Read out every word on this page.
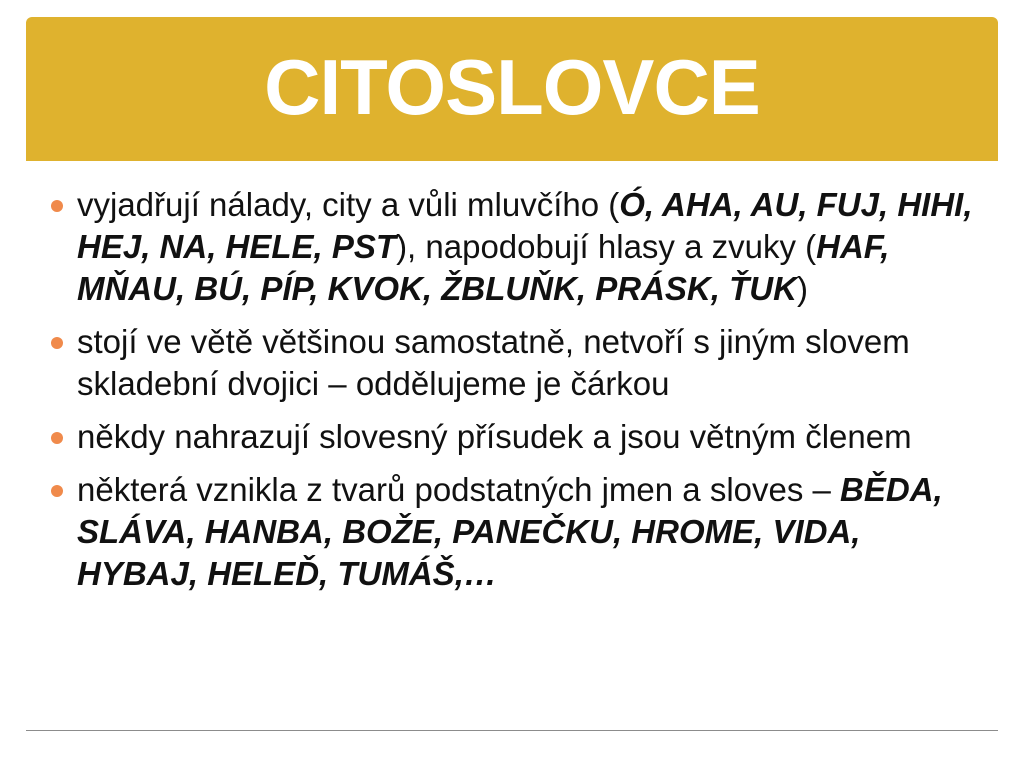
CITOSLOVCE
vyjadřují nálady, city a vůli mluvčího (Ó, AHA, AU, FUJ, HIHI, HEJ, NA, HELE, PST), napodobují hlasy a zvuky (HAF, MŇAU, BÚ, PÍP, KVOK, ŽBLUŇK, PRÁSK, ŤUK)
stojí ve větě většinou samostatně, netvoří s jiným slovem skladební dvojici – oddělujeme je čárkou
někdy nahrazují slovesný přísudek a jsou větným členem
některá vznikla z tvarů podstatných jmen a sloves – BĚDA, SLÁVA, HANBA, BOŽE, PANEČKU, HROME, VIDA, HYBAJ, HELEĎ, TUMÁŠ,…
